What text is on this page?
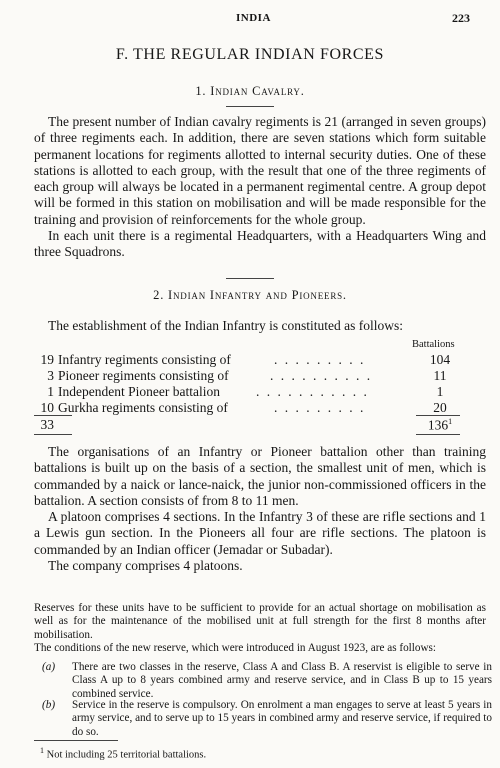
INDIA	223
F. THE REGULAR INDIAN FORCES
1. Indian Cavalry.

The present number of Indian cavalry regiments is 21 (arranged in seven groups) of three regiments each. In addition, there are seven stations which form suitable permanent locations for regiments allotted to internal security duties. One of these stations is allotted to each group, with the result that one of the three regiments of each group will always be located in a permanent regimental centre. A group depot will be formed in this station on mobilisation and will be made responsible for the training and provision of reinforcements for the whole group.

In each unit there is a regimental Headquarters, with a Headquarters Wing and three Squadrons.

2. Indian Infantry and Pioneers.

The establishment of the Indian Infantry is constituted as follows:

Battalions
19 Infantry regiments consisting of	. . . . . . . . .	104
3 Pioneer regiments consisting of	. . . . . . . . . .	11
1 Independent Pioneer battalion	. . . . . . . . . . .	1
10 Gurkha regiments consisting of	. . . . . . . . .	20
33	$136^1$

The organisations of an Infantry or Pioneer battalion other than training battalions is built up on the basis of a section, the smallest unit of men, which is commanded by a naick or lance-naick, the junior non-commissioned officers in the battalion. A section consists of from 8 to 11 men.

A platoon comprises 4 sections. In the Infantry 3 of these are rifle sections and 1 a Lewis gun section. In the Pioneers all four are rifle sections. The platoon is commanded by an Indian officer (Jemadar or Subadar).

The company comprises 4 platoons.

Reserves for these units have to be sufficient to provide for an actual shortage on mobilisation as well as for the maintenance of the mobilised unit at full strength for the first 8 months after mobilisation.

The conditions of the new reserve, which were introduced in August 1923, are as follows:

(a) There are two classes in the reserve, Class A and Class B. A reservist is eligible to serve in Class A up to 8 years combined army and reserve service, and in Class B up to 15 years combined service.
(b) Service in the reserve is compulsory. On enrolment a man engages to serve at least 5 years in army service, and to serve up to 15 years in combined army and reserve service, if required to do so.
$^1$ Not including 25 territorial battalions.
